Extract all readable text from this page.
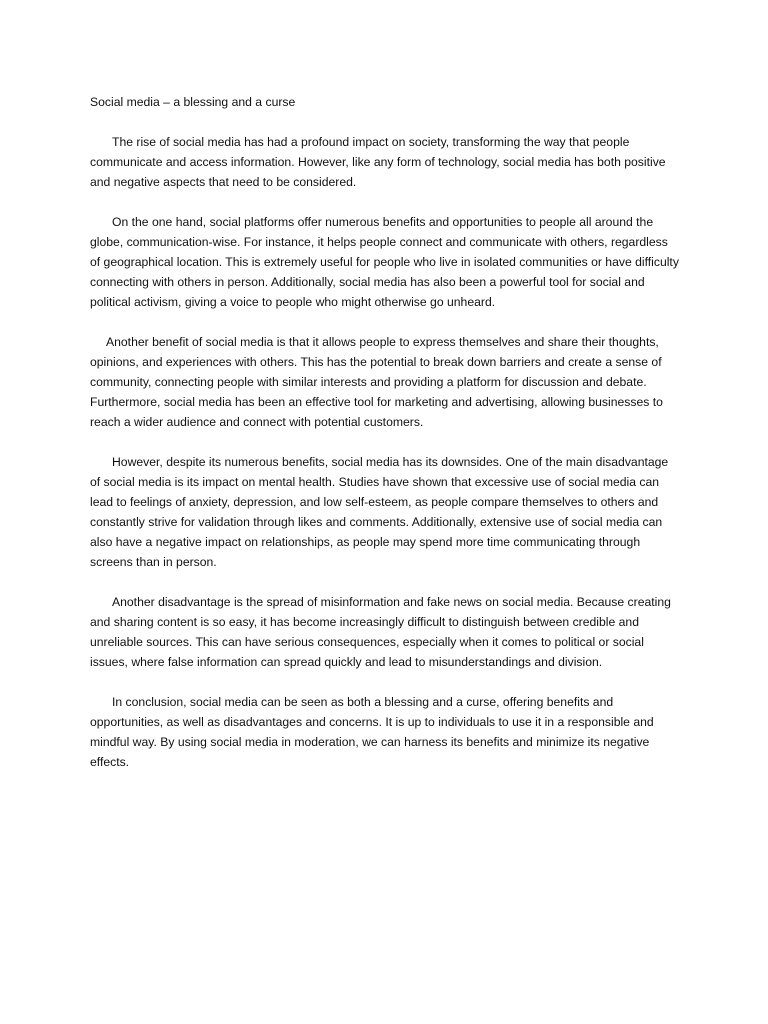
Social media – a blessing and a curse

The rise of social media has had a profound impact on society, transforming the way that people communicate and access information. However, like any form of technology, social media has both positive and negative aspects that need to be considered.

On the one hand, social platforms offer numerous benefits and opportunities to people all around the globe, communication-wise. For instance, it helps people connect and communicate with others, regardless of geographical location. This is extremely useful for people who live in isolated communities or have difficulty connecting with others in person. Additionally, social media has also been a powerful tool for social and political activism, giving a voice to people who might otherwise go unheard.

Another benefit of social media is that it allows people to express themselves and share their thoughts, opinions, and experiences with others. This has the potential to break down barriers and create a sense of community, connecting people with similar interests and providing a platform for discussion and debate. Furthermore, social media has been an effective tool for marketing and advertising, allowing businesses to reach a wider audience and connect with potential customers.

However, despite its numerous benefits, social media has its downsides. One of the main disadvantage of social media is its impact on mental health. Studies have shown that excessive use of social media can lead to feelings of anxiety, depression, and low self-esteem, as people compare themselves to others and constantly strive for validation through likes and comments. Additionally, extensive use of social media can also have a negative impact on relationships, as people may spend more time communicating through screens than in person.

Another disadvantage is the spread of misinformation and fake news on social media. Because creating and sharing content is so easy, it has become increasingly difficult to distinguish between credible and unreliable sources. This can have serious consequences, especially when it comes to political or social issues, where false information can spread quickly and lead to misunderstandings and division.

In conclusion, social media can be seen as both a blessing and a curse, offering benefits and opportunities, as well as disadvantages and concerns. It is up to individuals to use it in a responsible and mindful way. By using social media in moderation, we can harness its benefits and minimize its negative effects.
